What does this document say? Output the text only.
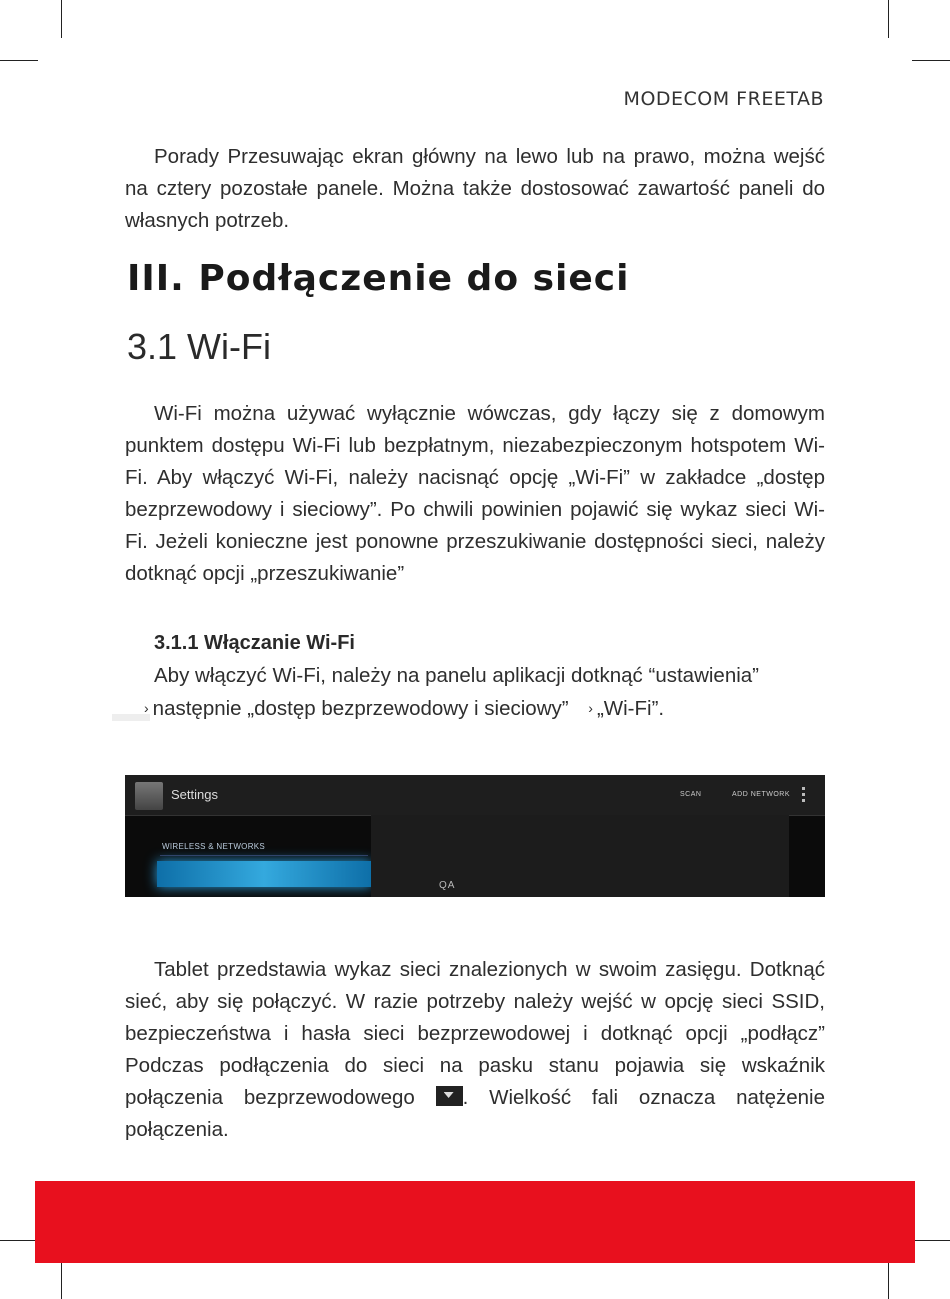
MODECOM FREETAB

Porady Przesuwając ekran główny na lewo lub na prawo, można wejść na cztery pozostałe panele. Można także dostosować zawartość paneli do własnych potrzeb.

III. Podłączenie do sieci
3.1 Wi-Fi

Wi-Fi można używać wyłącznie wówczas, gdy łączy się z domowym punktem dostępu Wi-Fi lub bezpłatnym, niezabezpieczonym hotspotem Wi-Fi. Aby włączyć Wi-Fi, należy nacisnąć opcję „Wi-Fi” w zakładce „dostęp bezprzewodowy i sieciowy”. Po chwili powinien pojawić się wykaz sieci Wi-Fi. Jeżeli konieczne jest ponowne przeszukiwanie dostępności sieci, należy dotknąć opcji „przeszukiwanie”

3.1.1 Włączanie Wi-Fi
Aby włączyć Wi-Fi, należy na panelu aplikacji dotknąć “ustawienia”
› następnie „dostęp bezprzewodowy i sieciowy” › „Wi-Fi”.
Settings	SCAN	ADD NETWORK
WIRELESS & NETWORKS
QA

Tablet przedstawia wykaz sieci znalezionych w swoim zasięgu. Dotknąć sieć, aby się połączyć. W razie potrzeby należy wejść w opcję sieci SSID, bezpieczeństwa i hasła sieci bezprzewodowej i dotknąć opcji „podłącz” Podczas podłączenia do sieci na pasku stanu pojawia się wskaźnik połączenia bezprzewodowego . Wielkość fali oznacza natężenie połączenia.
